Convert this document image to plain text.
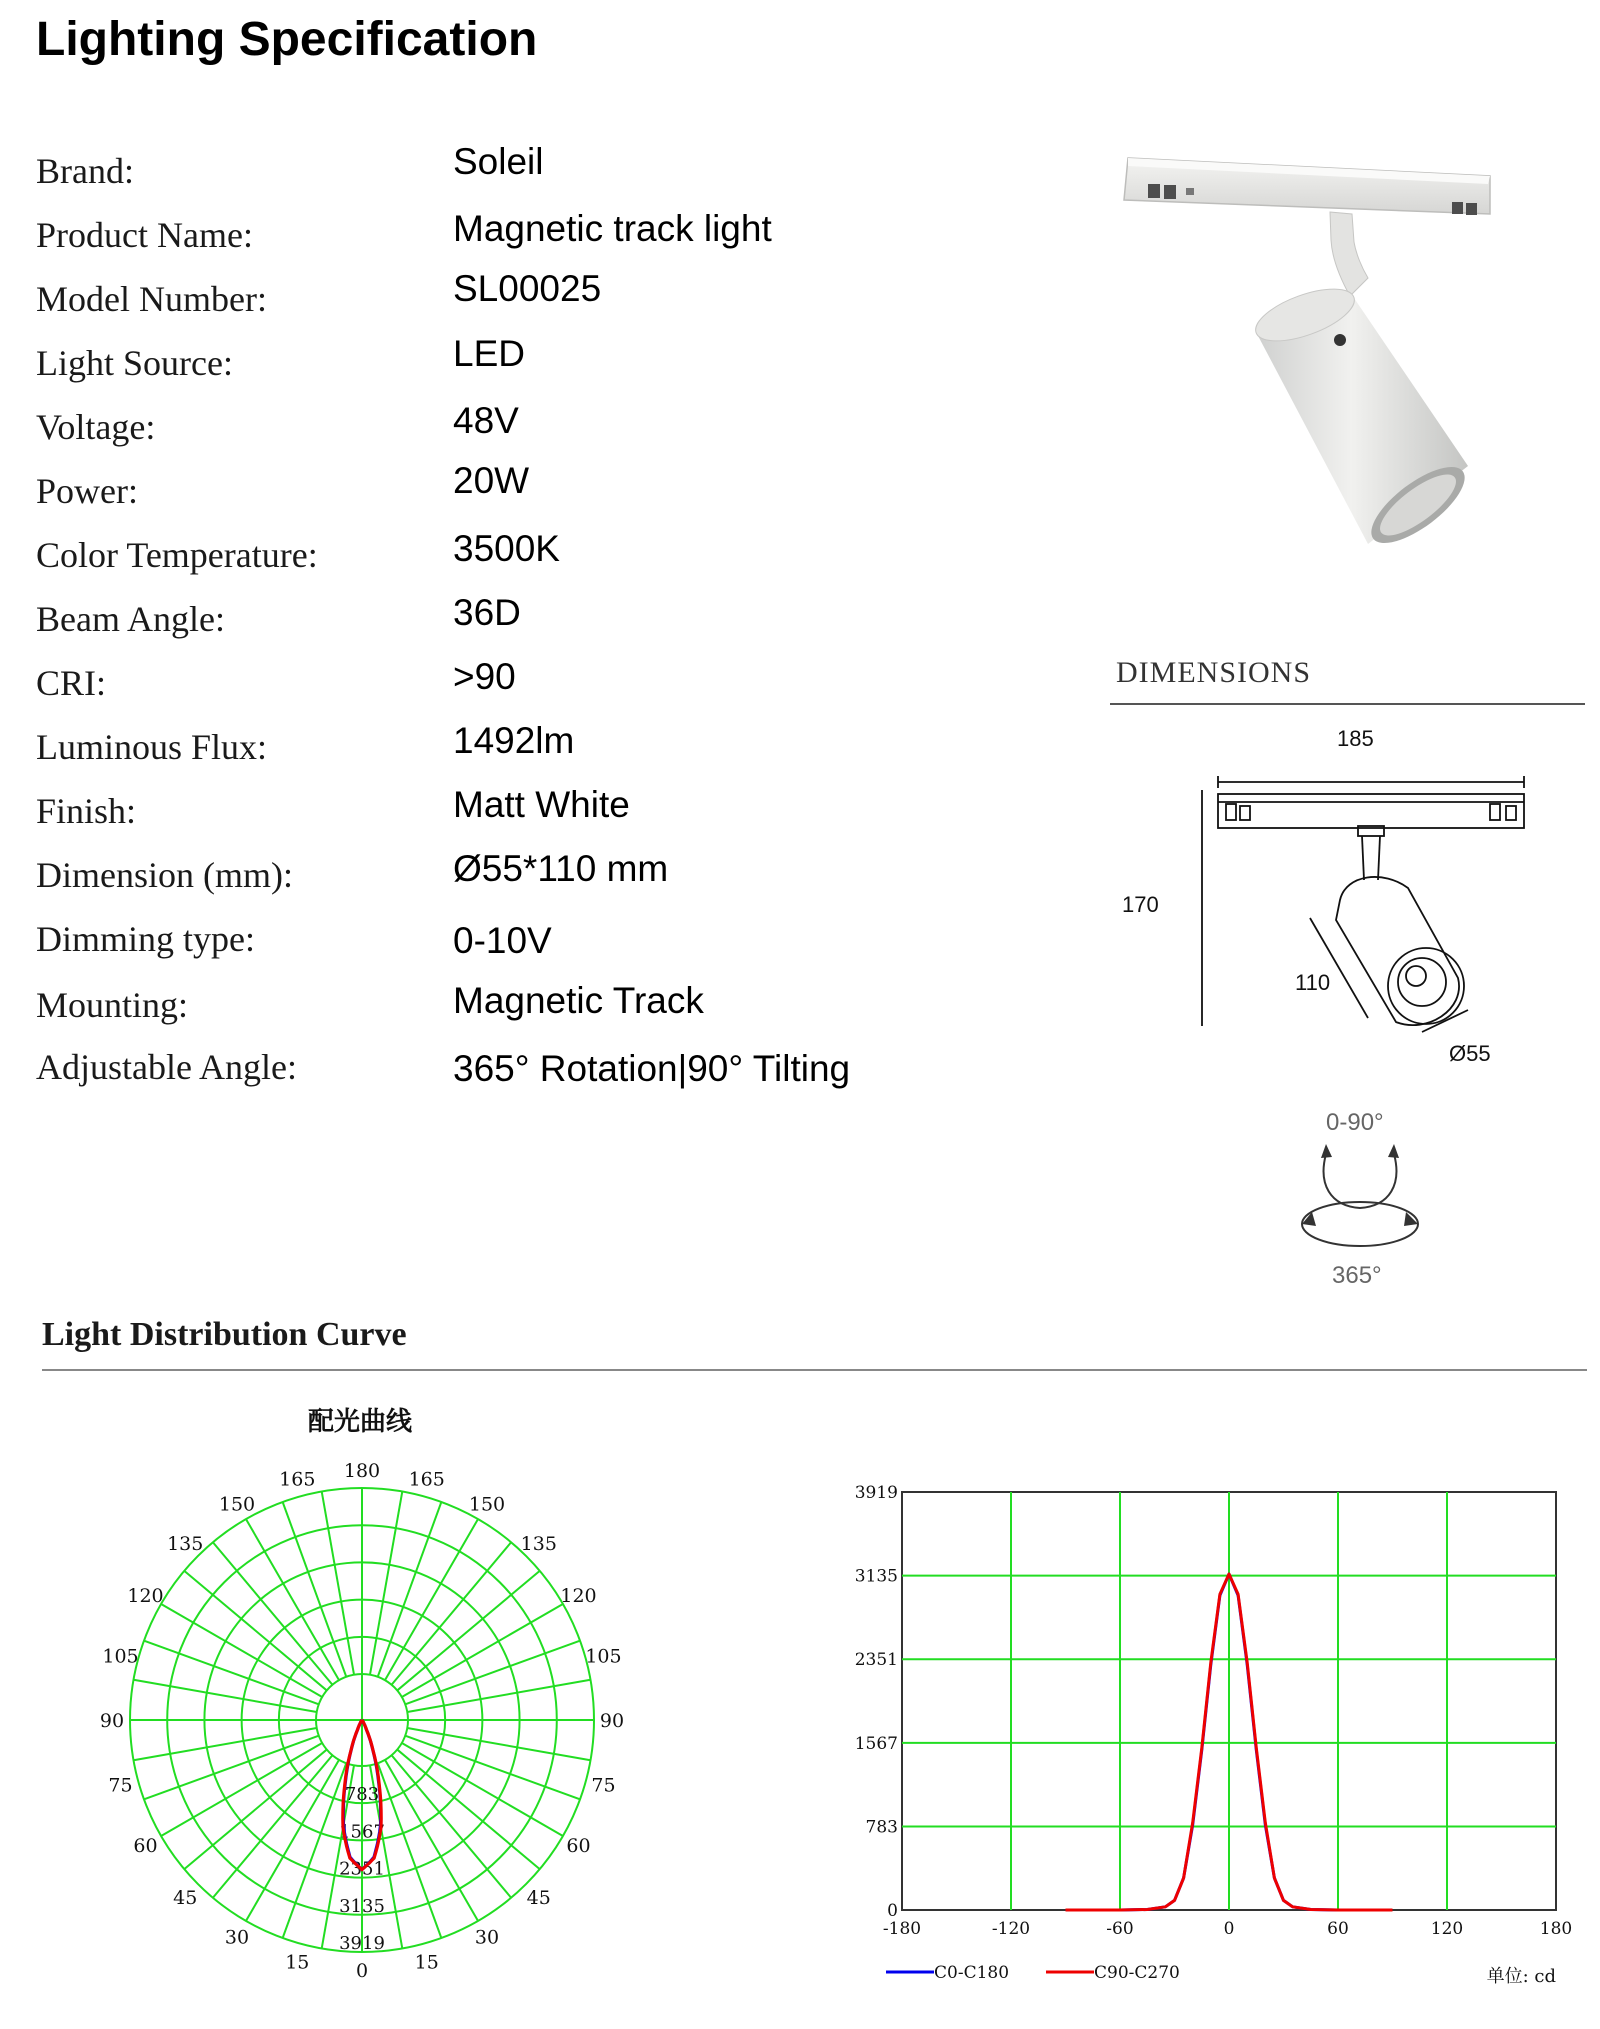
Lighting Specification
Brand:	Soleil
Product Name:	Magnetic track light
Model Number:	SL00025
Light Source:	LED
Voltage:	48V
Power:	20W
Color Temperature:	3500K
Beam Angle:	36D
CRI:	>90
Luminous Flux:	1492lm
Finish:	Matt White
Dimension (mm):	Ø55*110 mm
Dimming type:	0-10V
Mounting:	Magnetic Track
Adjustable Angle:	365° Rotation|90° Tilting
DIMENSIONS
185
170
110
Ø55
0-90°
365°
Light Distribution Curve
配光曲线
0 15
15
30
30
45
45
60
60
75
75
90
90
105
105
120
120
135
135
150
150
165
165 180
783
1567
2351
3135
3919
0
783
1567
2351
3135
3919
-180	-120	-60	0	60	120	180
C0-C180	C90-C270	单位: cd
